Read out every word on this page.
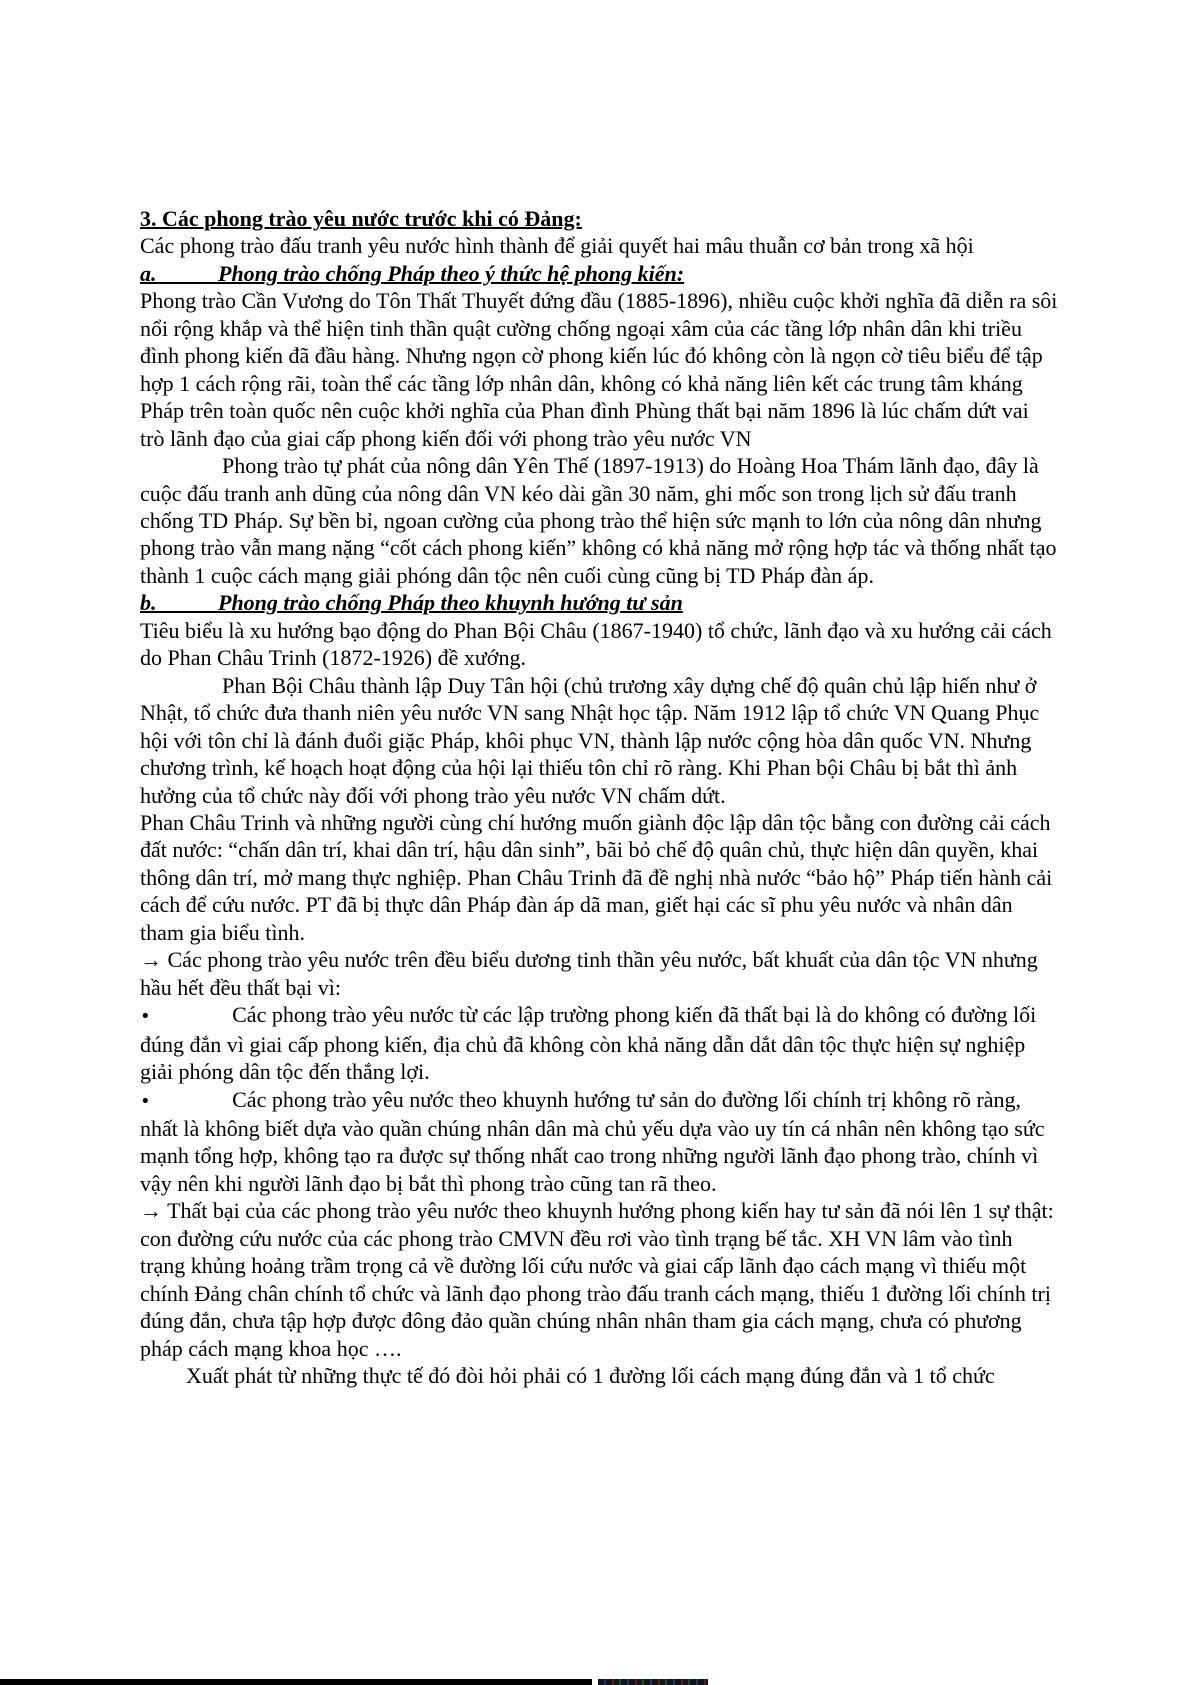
3. Các phong trào yêu nước trước khi có Đảng:
Các phong trào đấu tranh yêu nước hình thành để giải quyết hai mâu thuẫn cơ bản trong xã hội
a.	Phong trào chống Pháp theo ý thức hệ phong kiến:
Phong trào Cần Vương do Tôn Thất Thuyết đứng đầu (1885-1896), nhiều cuộc khởi nghĩa đã diễn ra sôi nổi rộng khắp và thể hiện tinh thần quật cường chống ngoại xâm của các tầng lớp nhân dân khi triều đình phong kiến đã đầu hàng. Nhưng ngọn cờ phong kiến lúc đó không còn là ngọn cờ tiêu biểu để tập hợp 1 cách rộng rãi, toàn thể các tầng lớp nhân dân, không có khả năng liên kết các trung tâm kháng Pháp trên toàn quốc nên cuộc khởi nghĩa của Phan đình Phùng thất bại năm 1896 là lúc chấm dứt vai trò lãnh đạo của giai cấp phong kiến đối với phong trào yêu nước VN
Phong trào tự phát của nông dân Yên Thế (1897-1913) do Hoàng Hoa Thám lãnh đạo, đây là cuộc đấu tranh anh dũng của nông dân VN kéo dài gần 30 năm, ghi mốc son trong lịch sử đấu tranh chống TD Pháp. Sự bền bỉ, ngoan cường của phong trào thể hiện sức mạnh to lớn của nông dân nhưng phong trào vẫn mang nặng “cốt cách phong kiến” không có khả năng mở rộng hợp tác và thống nhất tạo thành 1 cuộc cách mạng giải phóng dân tộc nên cuối cùng cũng bị TD Pháp đàn áp.
b.	Phong trào chống Pháp theo khuynh hướng tư sản
Tiêu biểu là xu hướng bạo động do Phan Bội Châu (1867-1940) tổ chức, lãnh đạo và xu hướng cải cách do Phan Châu Trinh (1872-1926) đề xướng.
Phan Bội Châu thành lập Duy Tân hội (chủ trương xây dựng chế độ quân chủ lập hiến như ở Nhật, tổ chức đưa thanh niên yêu nước VN sang Nhật học tập. Năm 1912 lập tổ chức VN Quang Phục hội với tôn chỉ là đánh đuổi giặc Pháp, khôi phục VN, thành lập nước cộng hòa dân quốc VN. Nhưng chương trình, kế hoạch hoạt động của hội lại thiếu tôn chỉ rõ ràng. Khi Phan bội Châu bị bắt thì ảnh hưởng của tổ chức này đối với phong trào yêu nước VN chấm dứt.
Phan Châu Trinh và những người cùng chí hướng muốn giành độc lập dân tộc bằng con đường cải cách đất nước: “chấn dân trí, khai dân trí, hậu dân sinh”, bãi bỏ chế độ quân chủ, thực hiện dân quyền, khai thông dân trí, mở mang thực nghiệp. Phan Châu Trinh đã đề nghị nhà nước “bảo hộ” Pháp tiến hành cải cách để cứu nước. PT đã bị thực dân Pháp đàn áp dã man, giết hại các sĩ phu yêu nước và nhân dân tham gia biểu tình.
→ Các phong trào yêu nước trên đều biểu dương tinh thần yêu nước, bất khuất của dân tộc VN nhưng hầu hết đều thất bại vì:
•	Các phong trào yêu nước từ các lập trường phong kiến đã thất bại là do không có đường lối đúng đắn vì giai cấp phong kiến, địa chủ đã không còn khả năng dẫn dắt dân tộc thực hiện sự nghiệp giải phóng dân tộc đến thắng lợi.
•	Các phong trào yêu nước theo khuynh hướng tư sản do đường lối chính trị không rõ ràng, nhất là không biết dựa vào quần chúng nhân dân mà chủ yếu dựa vào uy tín cá nhân nên không tạo sức mạnh tổng hợp, không tạo ra được sự thống nhất cao trong những người lãnh đạo phong trào, chính vì vậy nên khi người lãnh đạo bị bắt thì phong trào cũng tan rã theo.
→ Thất bại của các phong trào yêu nước theo khuynh hướng phong kiến hay tư sản đã nói lên 1 sự thật: con đường cứu nước của các phong trào CMVN đều rơi vào tình trạng bế tắc. XH VN lâm vào tình trạng khủng hoảng trầm trọng cả về đường lối cứu nước và giai cấp lãnh đạo cách mạng vì thiếu một chính Đảng chân chính tổ chức và lãnh đạo phong trào đấu tranh cách mạng, thiếu 1 đường lối chính trị đúng đắn, chưa tập hợp được đông đảo quần chúng nhân nhân tham gia cách mạng, chưa có phương pháp cách mạng khoa học ….
Xuất phát từ những thực tế đó đòi hỏi phải có 1 đường lối cách mạng đúng đắn và 1 tổ chức
